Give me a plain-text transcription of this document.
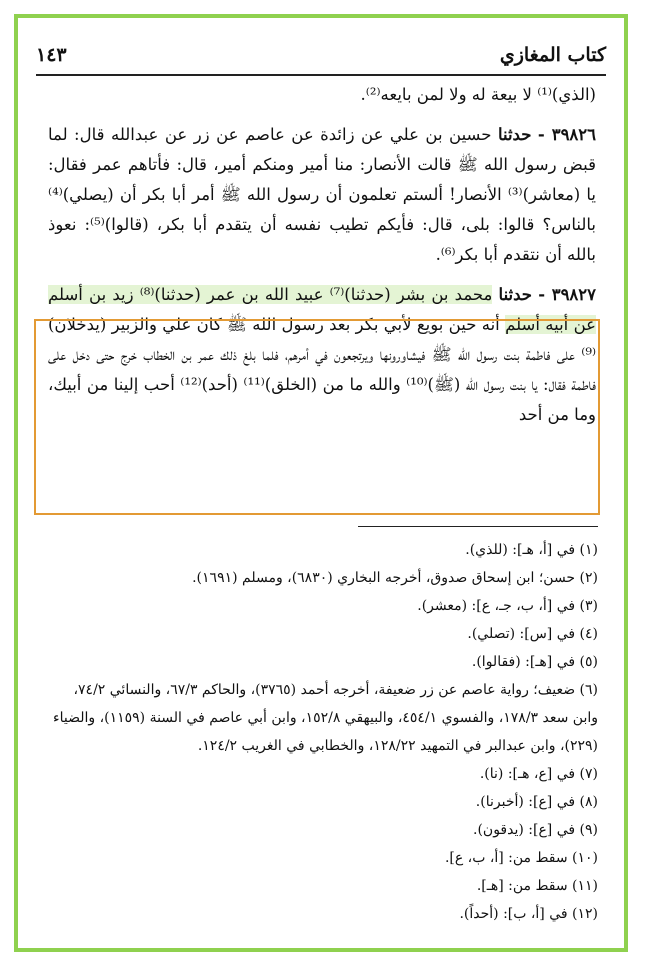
كتاب المغازي
١٤٣

(الذي)⁽¹⁾ لا بيعة له ولا لمن بايعه⁽²⁾.

٣٩٨٢٦ - حدثنا حسين بن علي عن زائدة عن عاصم عن زر عن عبدالله قال: لما قبض رسول الله ﷺ قالت الأنصار: منا أمير ومنكم أمير، قال: فأتاهم عمر فقال: يا (معاشر)⁽³⁾ الأنصار! ألستم تعلمون أن رسول الله ﷺ أمر أبا بكر أن (يصلي)⁽⁴⁾ بالناس؟ قالوا: بلى، قال: فأيكم تطيب نفسه أن يتقدم أبا بكر، (قالوا)⁽⁵⁾: نعوذ بالله أن نتقدم أبا بكر⁽⁶⁾.

٣٩٨٢٧ - حدثنا محمد بن بشر (حدثنا)⁽⁷⁾ عبيد الله بن عمر (حدثنا)⁽⁸⁾ زيد بن أسلم عن أبيه أسلم أنه حين بويع لأبي بكر بعد رسول الله ﷺ كان علي والزبير (يدخلان)⁽⁹⁾ على فاطمة بنت رسول الله ﷺ فيشاورونها ويرتجعون في أمرهم، فلما بلغ ذلك عمر بن الخطاب خرج حتى دخل على فاطمة فقال: يا بنت رسول الله (ﷺ)⁽¹⁰⁾ والله ما من (الخلق)⁽¹¹⁾ (أحد)⁽¹²⁾ أحب إلينا من أبيك، وما من أحد

(١) في [أ، هـ]: (للذي).
(٢) حسن؛ ابن إسحاق صدوق، أخرجه البخاري (٦٨٣٠)، ومسلم (١٦٩١).
(٣) في [أ، ب، جـ، ع]: (معشر).
(٤) في [س]: (تصلي).
(٥) في [هـ]: (فقالوا).
(٦) ضعيف؛ رواية عاصم عن زر ضعيفة، أخرجه أحمد (٣٧٦٥)، والحاكم ٦٧/٣، والنسائي ٧٤/٢، وابن سعد ١٧٨/٣، والفسوي ٤٥٤/١، والبيهقي ١٥٢/٨، وابن أبي عاصم في السنة (١١٥٩)، والضياء (٢٢٩)، وابن عبدالبر في التمهيد ١٢٨/٢٢، والخطابي في الغريب ١٢٤/٢.
(٧) في [ع، هـ]: (نا).
(٨) في [ع]: (أخبرنا).
(٩) في [ع]: (يدقون).
(١٠) سقط من: [أ، ب، ع].
(١١) سقط من: [هـ].
(١٢) في [أ، ب]: (أحداً).
